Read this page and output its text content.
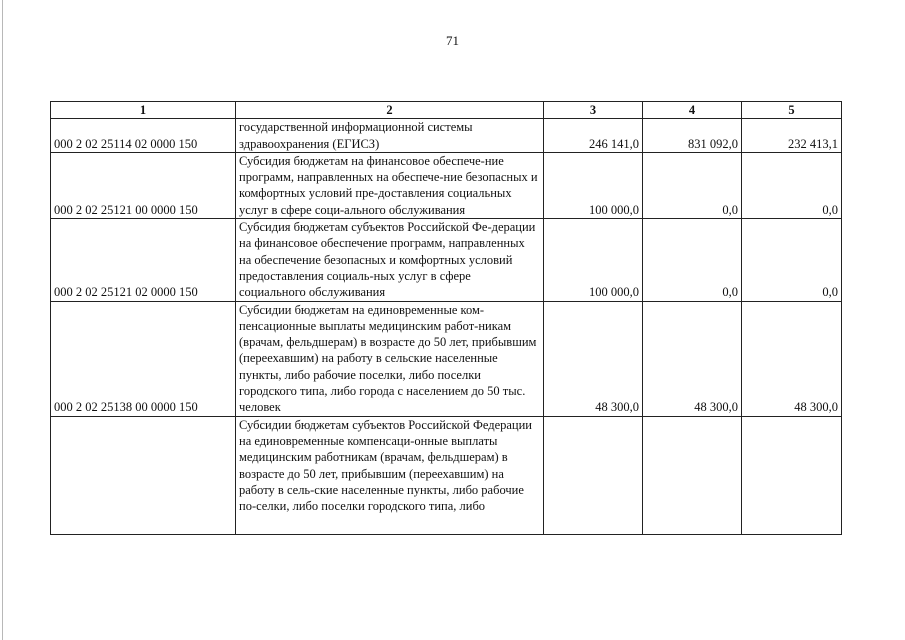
71
1	2	3	4	5
000 2 02 25114 02 0000 150	государственной информационной системы здравоохранения (ЕГИСЗ)	246 141,0	831 092,0	232 413,1
000 2 02 25121 00 0000 150	Субсидия бюджетам на финансовое обеспече-ние программ, направленных на обеспече-ние безопасных и комфортных условий пре-доставления социальных услуг в сфере соци-ального обслуживания	100 000,0	0,0	0,0
000 2 02 25121 02 0000 150	Субсидия бюджетам субъектов Российской Фе-дерации на финансовое обеспечение программ, направленных на обеспечение безопасных и комфортных условий предоставления социаль-ных услуг в сфере социального обслуживания	100 000,0	0,0	0,0
000 2 02 25138 00 0000 150	Субсидии бюджетам на единовременные ком-пенсационные выплаты медицинским работ-никам (врачам, фельдшерам) в возрасте до 50 лет, прибывшим (переехавшим) на работу в сельские населенные пункты, либо рабочие поселки, либо поселки городского типа, либо города с населением до 50 тыс. человек	48 300,0	48 300,0	48 300,0
	Субсидии бюджетам субъектов Российской Федерации на единовременные компенсаци-онные выплаты медицинским работникам (врачам, фельдшерам) в возрасте до 50 лет, прибывшим (переехавшим) на работу в сель-ские населенные пункты, либо рабочие по-селки, либо поселки городского типа, либо			
